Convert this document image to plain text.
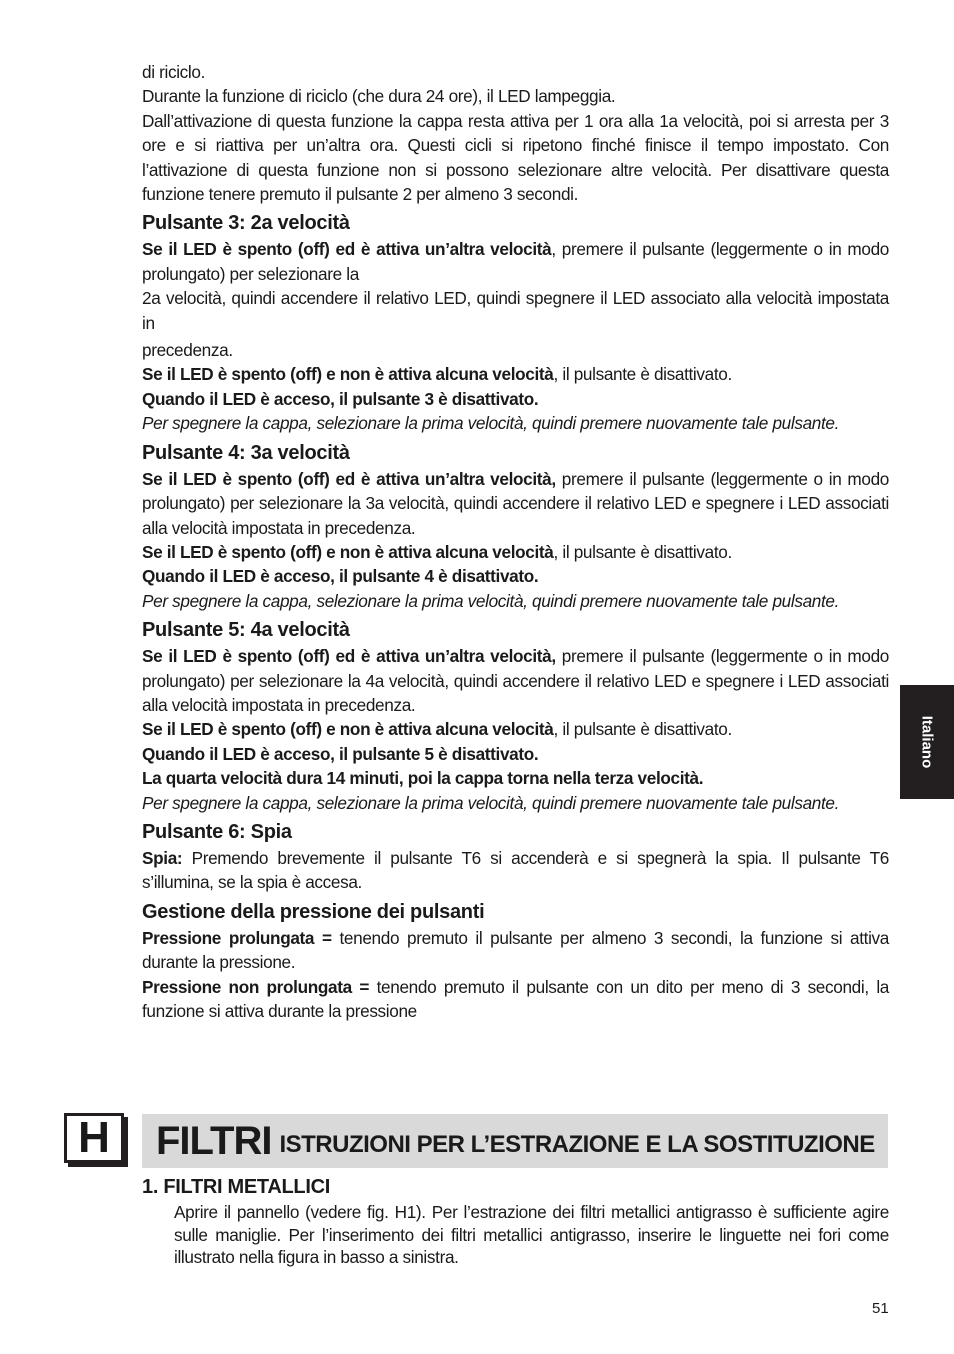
di riciclo.

Durante la funzione di riciclo (che dura 24 ore), il LED lampeggia.

Dall’attivazione di questa funzione la cappa resta attiva per 1 ora alla 1a velocità, poi si arresta per 3 ore e si riattiva per un’altra ora. Questi cicli si ripetono finché finisce il tempo impostato. Con l’attivazione di questa funzione non si possono selezionare altre velocità. Per disattivare questa funzione tenere premuto il pulsante 2 per almeno 3 secondi.

Pulsante 3: 2a velocità

Se il LED è spento (off) ed è attiva un’altra velocità, premere il pulsante (leggermente o in modo prolungato) per selezionare la

2a velocità, quindi accendere il relativo LED, quindi spegnere il LED associato alla velocità impostata in

precedenza.

Se il LED è spento (off) e non è attiva alcuna velocità, il pulsante è disattivato.

Quando il LED è acceso, il pulsante 3 è disattivato.

Per spegnere la cappa, selezionare la prima velocità, quindi premere nuovamente tale pulsante.

Pulsante 4: 3a velocità

Se il LED è spento (off) ed è attiva un’altra velocità, premere il pulsante (leggermente o in modo prolungato) per selezionare la 3a velocità, quindi accendere il relativo LED e spegnere i LED associati alla velocità impostata in precedenza.

Se il LED è spento (off) e non è attiva alcuna velocità, il pulsante è disattivato.

Quando il LED è acceso, il pulsante 4 è disattivato.

Per spegnere la cappa, selezionare la prima velocità, quindi premere nuovamente tale pulsante.

Pulsante 5: 4a velocità

Se il LED è spento (off) ed è attiva un’altra velocità, premere il pulsante (leggermente o in modo prolungato) per selezionare la 4a velocità, quindi accendere il relativo LED e spegnere i LED associati alla velocità impostata in precedenza.

Se il LED è spento (off) e non è attiva alcuna velocità, il pulsante è disattivato.

Quando il LED è acceso, il pulsante 5 è disattivato.

La quarta velocità dura 14 minuti, poi la cappa torna nella terza velocità.

Per spegnere la cappa, selezionare la prima velocità, quindi premere nuovamente tale pulsante.

Pulsante 6: Spia

Spia: Premendo brevemente il pulsante T6 si accenderà e si spegnerà la spia. Il pulsante T6 s’illumina, se la spia è accesa.

Gestione della pressione dei pulsanti

Pressione prolungata = tenendo premuto il pulsante per almeno 3 secondi, la funzione si attiva durante la pressione.

Pressione non prolungata = tenendo premuto il pulsante con un dito per meno di 3 secondi, la funzione si attiva durante la pressione

Italiano
H FILTRI ISTRUZIONI PER L’ESTRAZIONE E LA SOSTITUZIONE
1. FILTRI METALLICI

Aprire il pannello (vedere fig. H1). Per l’estrazione dei filtri metallici antigrasso è sufficiente agire sulle maniglie. Per l’inserimento dei filtri metallici antigrasso, inserire le linguette nei fori come illustrato nella figura in basso a sinistra.

51
